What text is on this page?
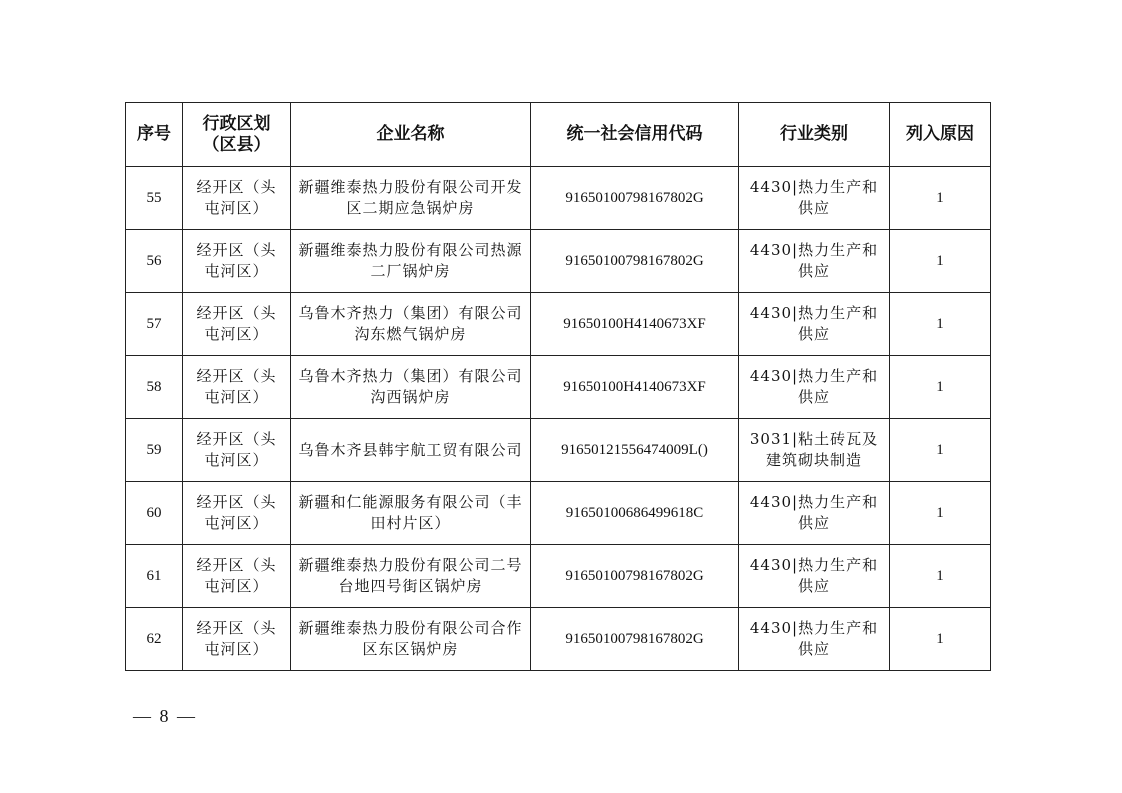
序号	行政区划（区县）	企业名称	统一社会信用代码	行业类别	列入原因
55	经开区（头屯河区）	新疆维泰热力股份有限公司开发区二期应急锅炉房	91650100798167802G	4430|热力生产和供应	1
56	经开区（头屯河区）	新疆维泰热力股份有限公司热源二厂锅炉房	91650100798167802G	4430|热力生产和供应	1
57	经开区（头屯河区）	乌鲁木齐热力（集团）有限公司沟东燃气锅炉房	91650100H4140673XF	4430|热力生产和供应	1
58	经开区（头屯河区）	乌鲁木齐热力（集团）有限公司沟西锅炉房	91650100H4140673XF	4430|热力生产和供应	1
59	经开区（头屯河区）	乌鲁木齐县韩宇航工贸有限公司	91650121556474009L()	3031|粘土砖瓦及建筑砌块制造	1
60	经开区（头屯河区）	新疆和仁能源服务有限公司（丰田村片区）	91650100686499618C	4430|热力生产和供应	1
61	经开区（头屯河区）	新疆维泰热力股份有限公司二号台地四号街区锅炉房	91650100798167802G	4430|热力生产和供应	1
62	经开区（头屯河区）	新疆维泰热力股份有限公司合作区东区锅炉房	91650100798167802G	4430|热力生产和供应	1
— 8 —
